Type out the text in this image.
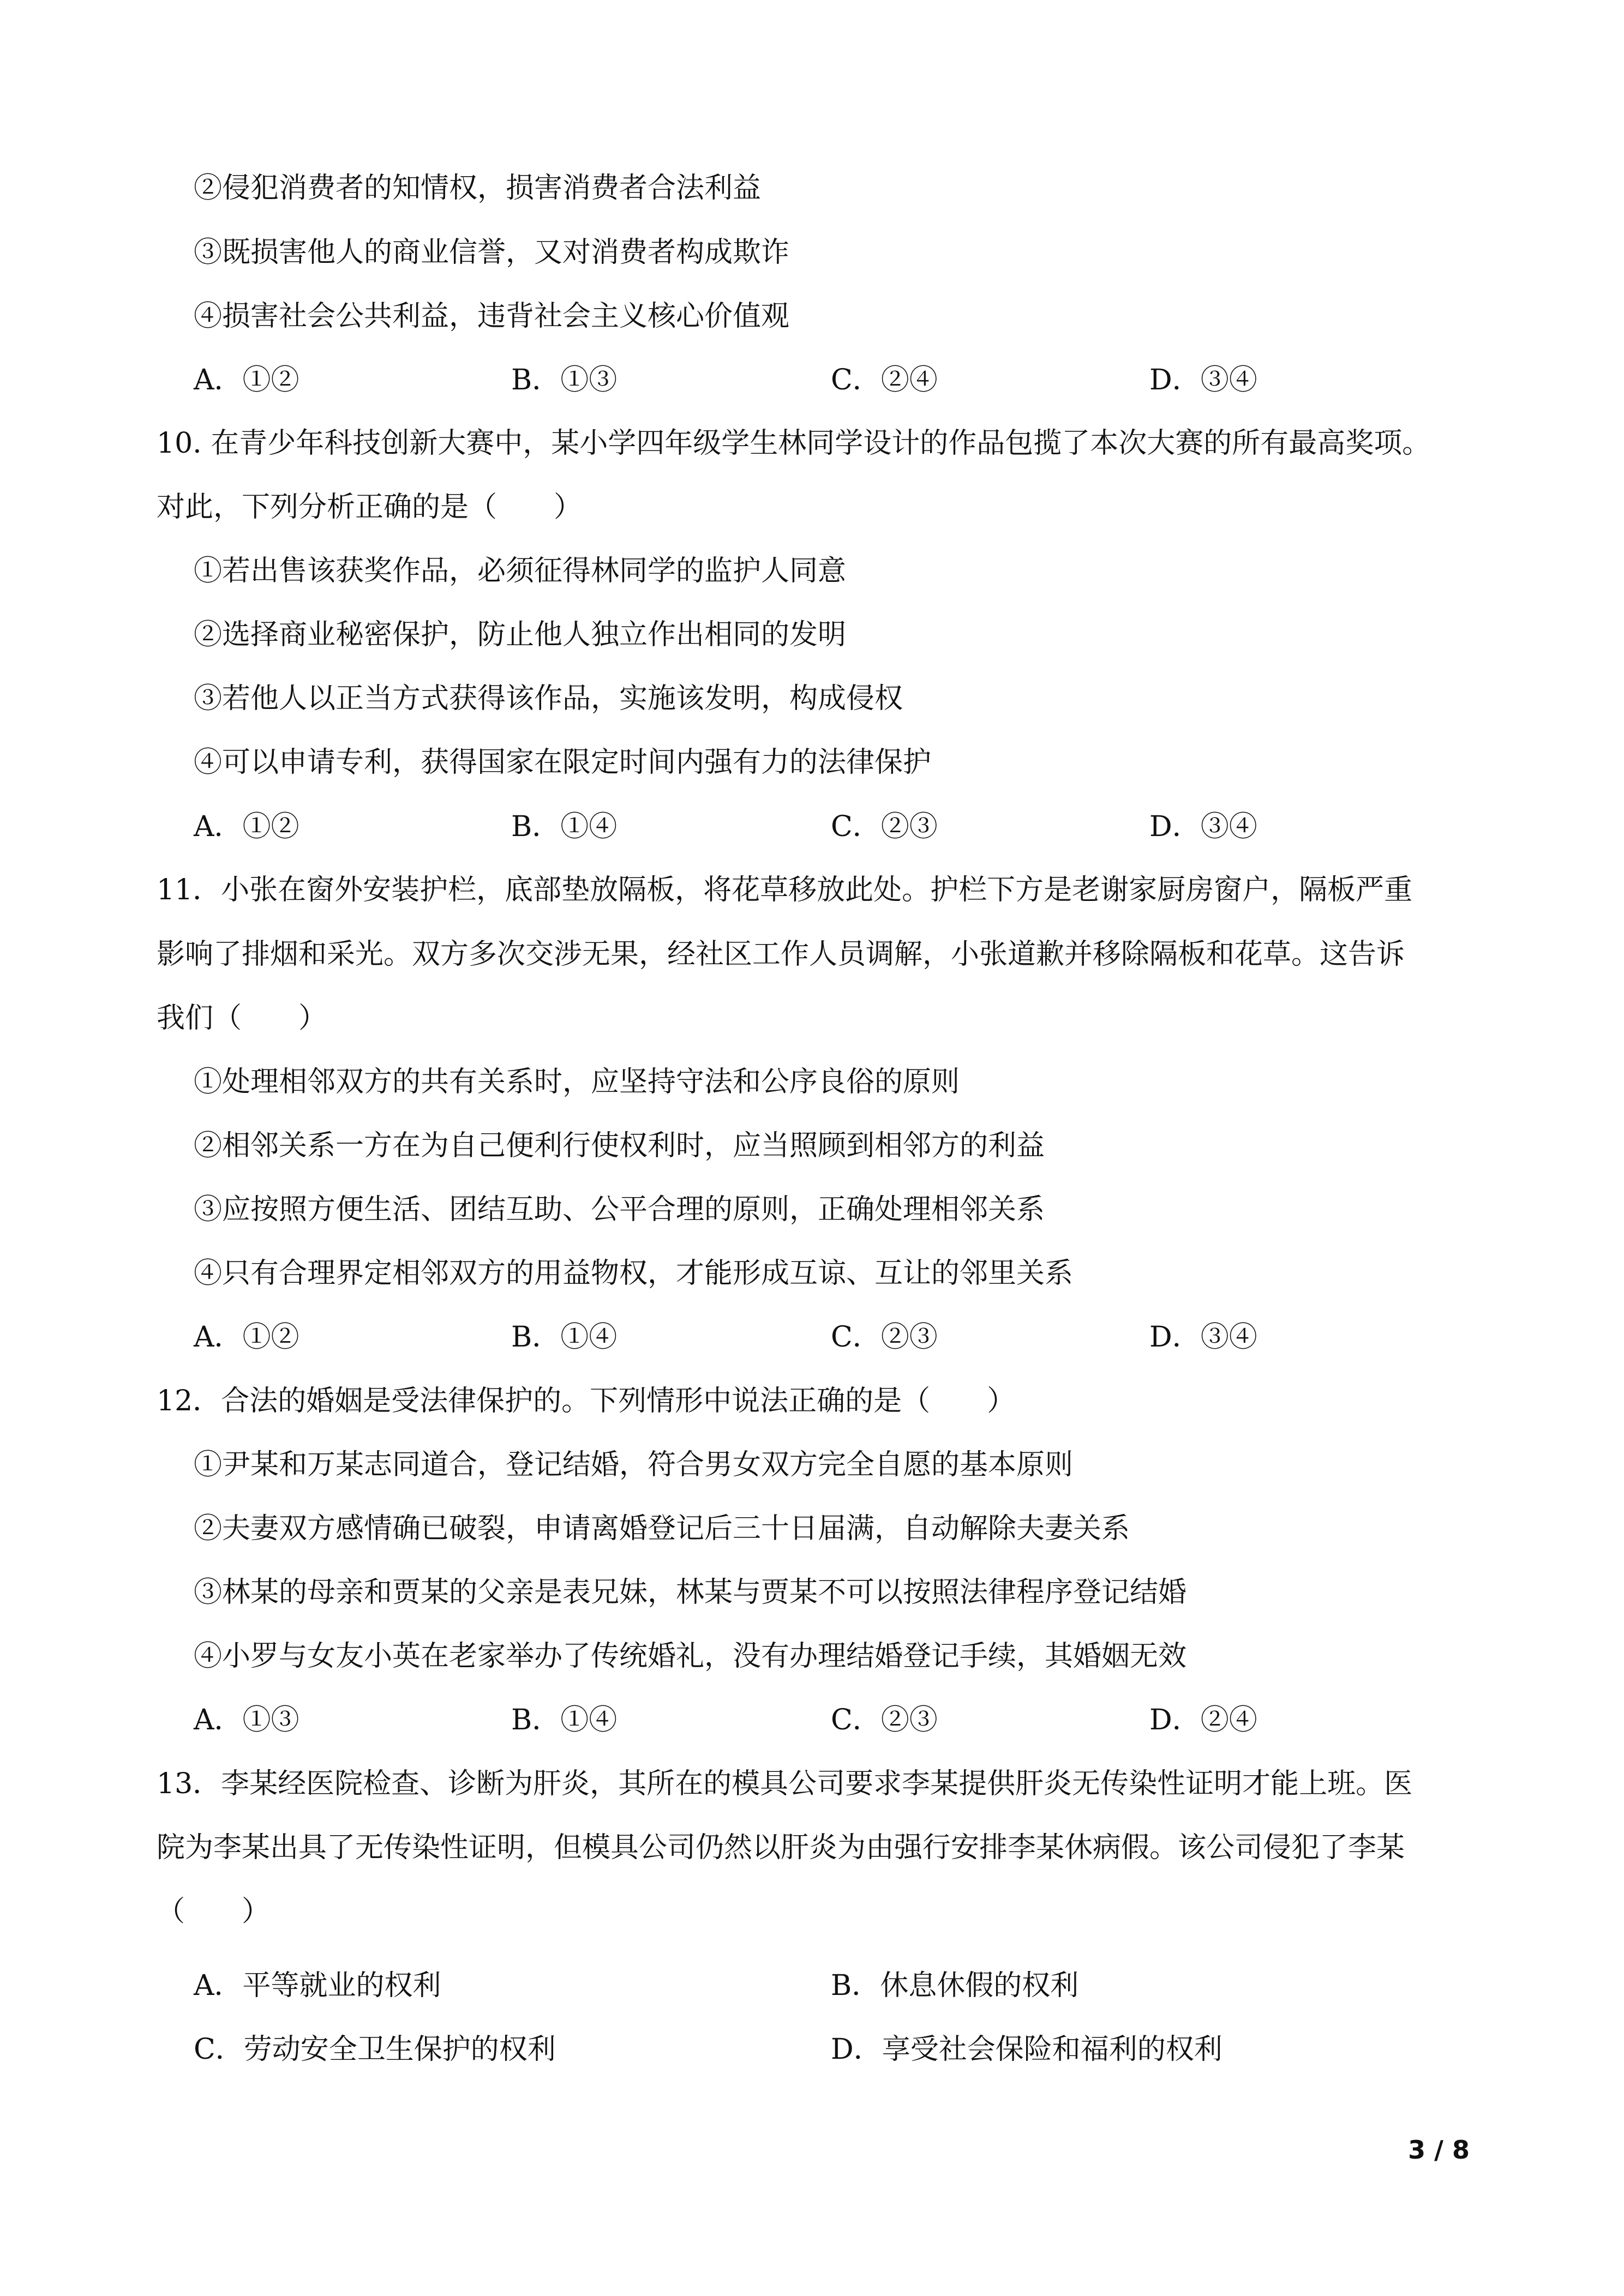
②侵犯消费者的知情权，损害消费者合法利益
③既损害他人的商业信誉，又对消费者构成欺诈
④损害社会公共利益，违背社会主义核心价值观
A．①②	B．①③	C．②④	D．③④
10. 在青少年科技创新大赛中，某小学四年级学生林同学设计的作品包揽了本次大赛的所有最高奖项。
对此，下列分析正确的是（　　）
①若出售该获奖作品，必须征得林同学的监护人同意
②选择商业秘密保护，防止他人独立作出相同的发明
③若他人以正当方式获得该作品，实施该发明，构成侵权
④可以申请专利，获得国家在限定时间内强有力的法律保护
A．①②	B．①④	C．②③	D．③④
11．小张在窗外安装护栏，底部垫放隔板，将花草移放此处。护栏下方是老谢家厨房窗户，隔板严重
影响了排烟和采光。双方多次交涉无果，经社区工作人员调解，小张道歉并移除隔板和花草。这告诉
我们（　　）
①处理相邻双方的共有关系时，应坚持守法和公序良俗的原则
②相邻关系一方在为自己便利行使权利时，应当照顾到相邻方的利益
③应按照方便生活、团结互助、公平合理的原则，正确处理相邻关系
④只有合理界定相邻双方的用益物权，才能形成互谅、互让的邻里关系
A．①②	B．①④	C．②③	D．③④
12．合法的婚姻是受法律保护的。下列情形中说法正确的是（　　）
①尹某和万某志同道合，登记结婚，符合男女双方完全自愿的基本原则
②夫妻双方感情确已破裂，申请离婚登记后三十日届满，自动解除夫妻关系
③林某的母亲和贾某的父亲是表兄妹，林某与贾某不可以按照法律程序登记结婚
④小罗与女友小英在老家举办了传统婚礼，没有办理结婚登记手续，其婚姻无效
A．①③	B．①④	C．②③	D．②④
13．李某经医院检查、诊断为肝炎，其所在的模具公司要求李某提供肝炎无传染性证明才能上班。医
院为李某出具了无传染性证明，但模具公司仍然以肝炎为由强行安排李某休病假。该公司侵犯了李某
（　　）
A．平等就业的权利	B．休息休假的权利
C．劳动安全卫生保护的权利	D．享受社会保险和福利的权利
3 / 8
